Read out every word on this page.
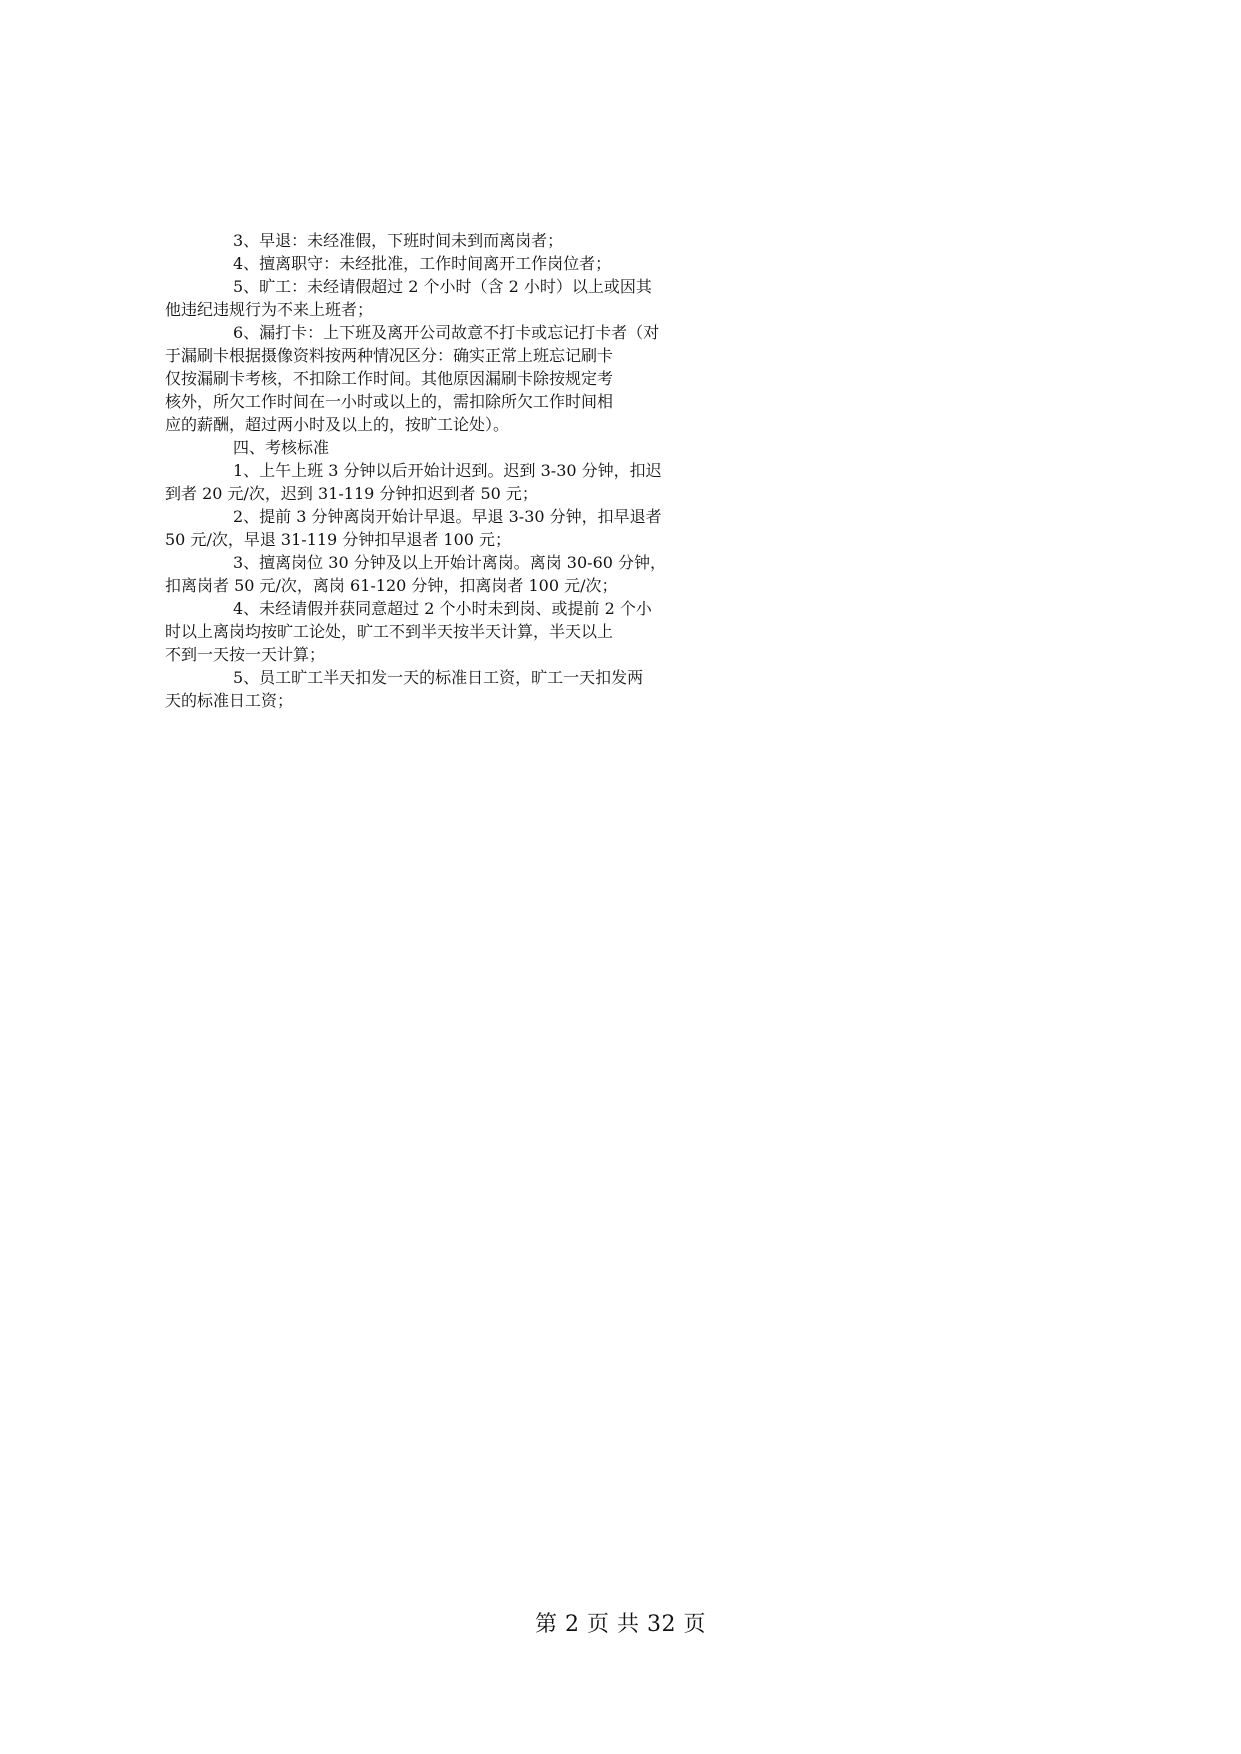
3、早退：未经准假，下班时间未到而离岗者；
4、擅离职守：未经批准，工作时间离开工作岗位者；
5、旷工：未经请假超过 2 个小时（含 2 小时）以上或因其
他违纪违规行为不来上班者；
6、漏打卡：上下班及离开公司故意不打卡或忘记打卡者（对
于漏刷卡根据摄像资料按两种情况区分：确实正常上班忘记刷卡
仅按漏刷卡考核，不扣除工作时间。其他原因漏刷卡除按规定考
核外，所欠工作时间在一小时或以上的，需扣除所欠工作时间相
应的薪酬，超过两小时及以上的，按旷工论处）。
四、考核标准
1、上午上班 3 分钟以后开始计迟到。迟到 3-30 分钟，扣迟
到者 20 元/次，迟到 31-119 分钟扣迟到者 50 元；
2、提前 3 分钟离岗开始计早退。早退 3-30 分钟，扣早退者
50 元/次，早退 31-119 分钟扣早退者 100 元；
3、擅离岗位 30 分钟及以上开始计离岗。离岗 30-60 分钟，
扣离岗者 50 元/次，离岗 61-120 分钟，扣离岗者 100 元/次；
4、未经请假并获同意超过 2 个小时未到岗、或提前 2 个小
时以上离岗均按旷工论处，旷工不到半天按半天计算，半天以上
不到一天按一天计算；
5、员工旷工半天扣发一天的标准日工资，旷工一天扣发两
天的标准日工资；
第 2 页 共 32 页
